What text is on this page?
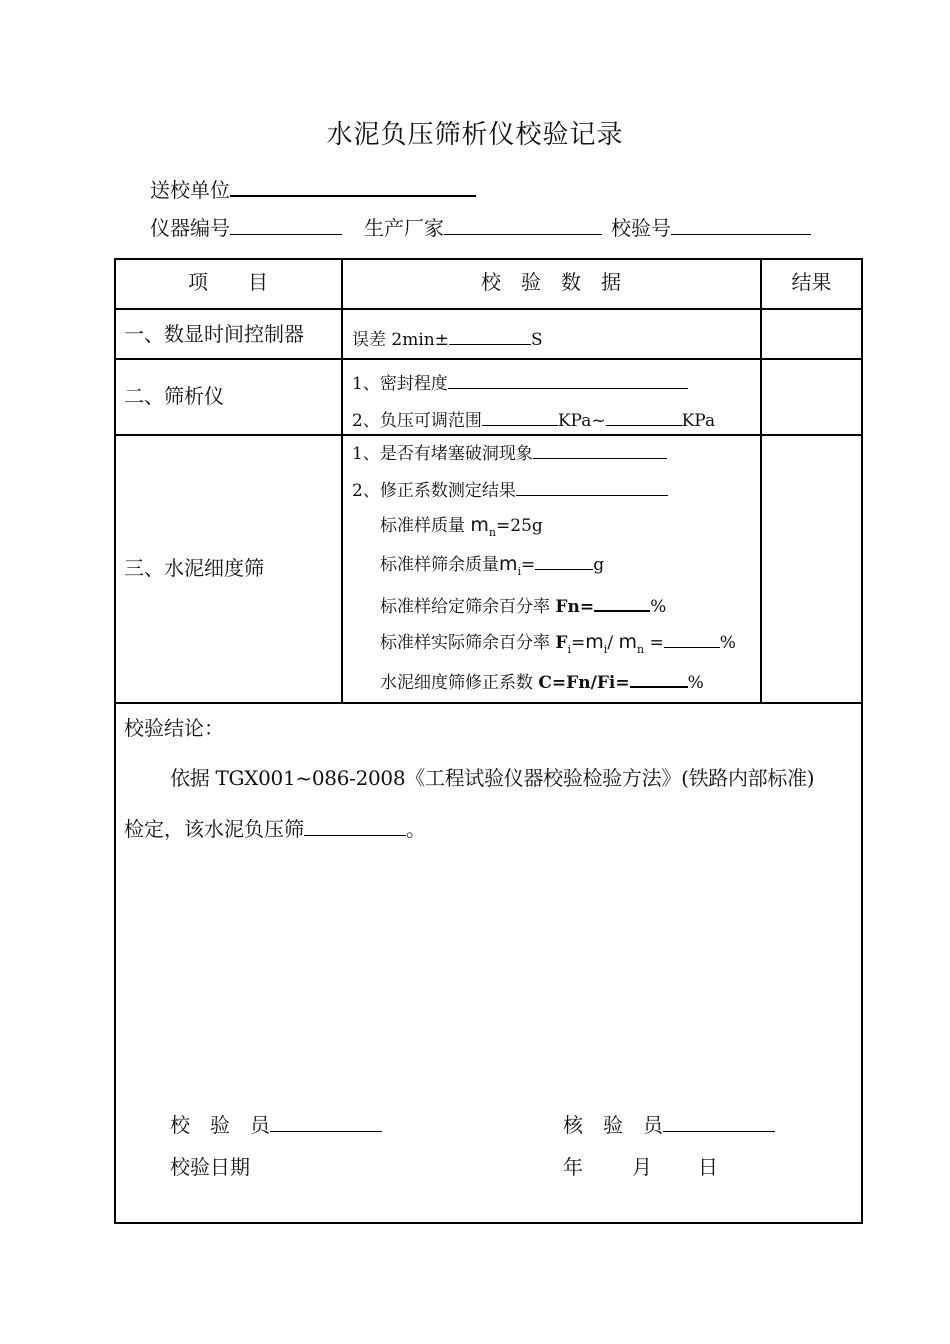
水泥负压筛析仪校验记录
送校单位
仪器编号	生产厂家	校验号
项　　目	校　验　数　据	结果
一、数显时间控制器	误差 2min±	S
二、筛析仪	1、密封程度
2、负压可调范围	KPa~	KPa
三、水泥细度筛
1、是否有堵塞破洞现象
2、修正系数测定结果
标准样质量 $m_n=25g$
标准样筛余质量$m_i=$	g
标准样给定筛余百分率 Fn=	%
标准样实际筛余百分率 $F_i=m_i/$ $m_n$ =	%
水泥细度筛修正系数 C=Fn/Fi=	%
校验结论：
依据 TGX001~086-2008《工程试验仪器校验检验方法》(铁路内部标准)
检定，该水泥负压筛	。
校　验　员	核　验　员
校验日期	年 月 日
